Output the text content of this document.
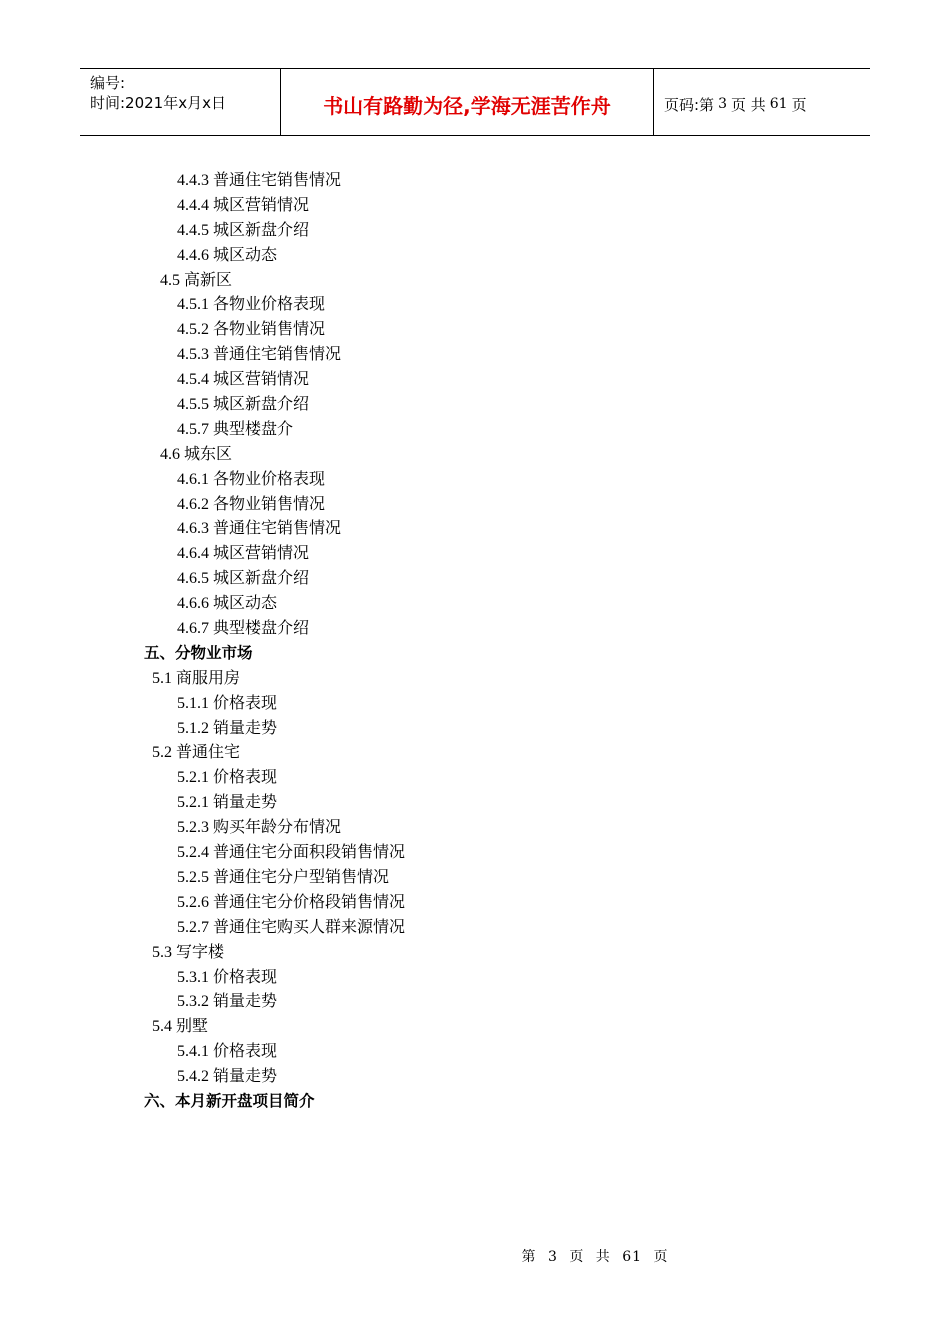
编号:
时间:2021年x月x日	书山有路勤为径,学海无涯苦作舟	页码:第 3 页 共 61 页
4.4.3 普通住宅销售情况
4.4.4 城区营销情况
4.4.5 城区新盘介绍
4.4.6 城区动态
4.5 高新区
4.5.1 各物业价格表现
4.5.2 各物业销售情况
4.5.3 普通住宅销售情况
4.5.4 城区营销情况
4.5.5 城区新盘介绍
4.5.7 典型楼盘介
4.6 城东区
4.6.1 各物业价格表现
4.6.2 各物业销售情况
4.6.3 普通住宅销售情况
4.6.4 城区营销情况
4.6.5 城区新盘介绍
4.6.6 城区动态
4.6.7 典型楼盘介绍
五、分物业市场
5.1 商服用房
5.1.1 价格表现
5.1.2 销量走势
5.2 普通住宅
5.2.1 价格表现
5.2.1 销量走势
5.2.3 购买年龄分布情况
5.2.4 普通住宅分面积段销售情况
5.2.5 普通住宅分户型销售情况
5.2.6 普通住宅分价格段销售情况
5.2.7 普通住宅购买人群来源情况
5.3 写字楼
5.3.1 价格表现
5.3.2 销量走势
5.4 别墅
5.4.1 价格表现
5.4.2 销量走势
六、本月新开盘项目简介
第 3 页 共 61 页
